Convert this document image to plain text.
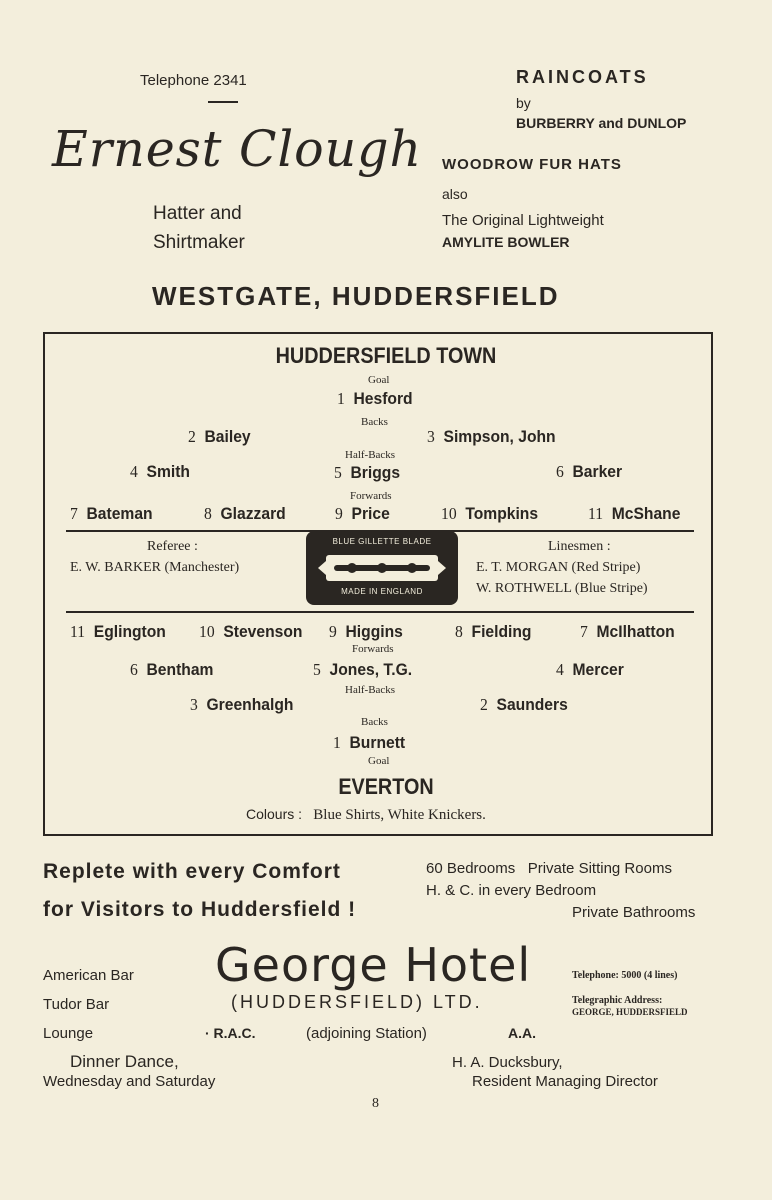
Telephone 2341
Ernest Clough
Hatter and
Shirtmaker
WESTGATE, HUDDERSFIELD
RAINCOATS
by
BURBERRY and DUNLOP
WOODROW FUR HATS
also
The Original Lightweight
AMYLITE BOWLER
HUDDERSFIELD TOWN
Goal
1 Hesford
Backs
2 Bailey	3 Simpson, John
Half-Backs
4 Smith	5 Briggs	6 Barker
Forwards
7 Bateman	8 Glazzard	9 Price	10 Tompkins	11 McShane
Referee :
E. W. BARKER (Manchester)
BLUE GILLETTE BLADE
MADE IN ENGLAND
Linesmen :
E. T. MORGAN (Red Stripe)
W. ROTHWELL (Blue Stripe)
11 Eglington 10 Stevenson 9 Higgins	8 Fielding	7 McIlhatton
Forwards
6 Bentham	5 Jones, T.G.	4 Mercer
Half-Backs
3 Greenhalgh	2 Saunders
Backs
1 Burnett
Goal
EVERTON
Colours : Blue Shirts, White Knickers.
Replete with every Comfort
for Visitors to Huddersfield !
60 Bedrooms   Private Sitting Rooms
H. & C. in every Bedroom
Private Bathrooms
George Hotel
(HUDDERSFIELD) LTD.
American Bar
Tudor Bar
Lounge	· R.A.C.	(adjoining Station)	A.A.
Telephone: 5000 (4 lines)
Telegraphic Address:
GEORGE, HUDDERSFIELD
Dinner Dance,
Wednesday and Saturday
H. A. Ducksbury,
Resident Managing Director
8
